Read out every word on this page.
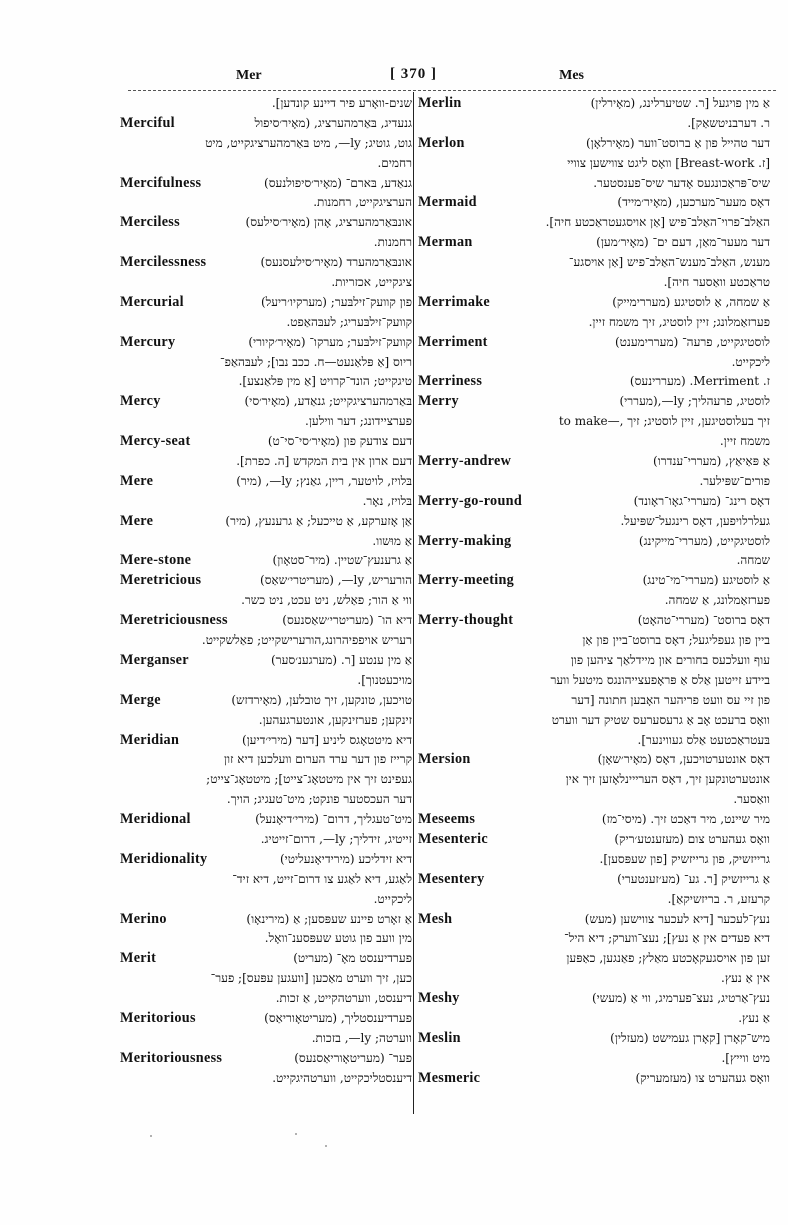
Mer	[ 370 ]	Mes
שנים-וואָרע פיר דיינע קונדען].
Merciful	גנעדיג, בּאַרמהערציג, (מאָיר׳סיפול
גוט, גוטיג; ly—, מיט בּאַרמהערציגקייט, מיט
רחמים.
Mercifulness	גנאַדע, בּארם־ (מאָיר׳סיפולנעס)
הערציגקייט, רחמנות.
Merciless	אונבּאַרמהערציג, אָהן (מאָיר׳סילעס)
רחמנות.
Mercilessness	אונבּאַרמהערד (מאָיר׳סילעסנעס)
ציגקייט, אכזריות.
Mercurial	פון קוועק־זילבּער; (מערקיו׳ריעל)
קוועק־זילבּעריג; לעבּהאַפט.
Mercury	קוועק־זילבּער; מערקו־ (מאָיר׳קיורי)
ריוס [אַ פּלאַנעט—ח. ככב נבו]; לעבּהאַפ־
טיגקייט; הונד־קרויט [אַ מין פּלאַנצע].
Mercy	בּאַרמהערציגקייט; גנאַדע, (מאָיר׳סי)
פערציידונג; דער ווילען.
Mercy-seat	דעם צודעק פון (מאָיר׳סי־סי־ט)
דעם ארון אין בית המקדש [ה. כפרת].
Mere	בּלויז, לויטער, ריין, גאַנץ; ly—, (מיר)
בּלויז, נאָר.
Mere	אַן אָזערקע, אַ טייכעל; אַ גרענעץ, (מיר)
אַ מוּשוו.
Mere-stone	אַ גרענעץ־שטיין. (מיר־סטאָון)
Meretricious	הורעריש, ly—, (מעריטרי׳שאַס)
ווי אַ הור; פאַלש, ניט עכט, ניט כשר.
Meretriciousness	דיא הו־ (מעריטרי׳שאַסנעס)
רעריש אויפפיהרונג,הורערישקייט; פאַלשקייט.
Merganser	אַ מין ענטע [ר. (מערגענ׳סער)
מויכעטנוך].
Merge	טויכען, טונקען, זיך טובלען, (מאָירדזש)
זינקען; פערזינקען, אונטערגעהען.
Meridian	דיא מיטטאָגס ליניע [דער (מירי׳דיען)
קרייז פון דער ערד הערום וועלכען דיא זון
געפינט זיך אין מיטטאָג־צייט]; מיטטאָג־צייט;
דער העכסטער פונקט; מיט־טעגיג; הויך.
Meridional	מיט־טעגליך, דרום־ (מירי׳דיאָנעל)
זייטיג, זידליך; ly—, דרום־זייטיג.
Meridionality	דיא זידליכע (מירידיאָנעליטי)
לאַגע, דיא לאַגע צו דרום־זייט, דיא זיד־
ליכקייט.
Merino	אַ זאָרט פיינע שעפּסען; אַ (מירינאָו)
מין וועב פון גוטע שעפּסענ־וואָל.
Merit	פערדיענסט מאָ־ (מעריט)
כען, זיך ווערט מאַכען [וועגען עפּעס]; פער־
דיענסט, ווערטהקייט, אַ זכות.
Meritorious	פערדיענסטליך, (מעריטאָוריאַס)
ווערטה; ly—, בזכות.
Meritoriousness	פער־ (מעריטאָוריאַסנעס)
דיענסטליכקייט, ווערטהיגקייט.
Merlin	אַ מין פויגעל [ר. שטיערלינג, (מאָירלין)
ר. דערבניטשאַק].
Merlon	דער טהייל פון אַ ברוסט־ווער (מאָירלאָן)
[ז. Breast-work] וואָס ליגט צווישען צוויי
שיס־פּראַכונגעס אָדער שיס־פענסטער.
Mermaid	דאָס מעער־מערכען, (מאָיר׳מייד)
האַלב־פרוי־האַלב־פיש [אַן אויסגעטראַכטע חיה].
Merman	דער מעער־מאַן, דעם ים־ (מאָיר׳מען)
מענש, האַלב־מענש־האַלב־פיש [אַן אויסגע־
טראַכטע וואַסער חיה].
Merrimake	אַ שמחה, אַ לוסטיגע (מעררימייק)
פערזאַמלונג; זיין לוסטיג, זיך משמח זיין.
Merriment	לוסטיגקייט, פרעה־ (מעררימענט)
ליכקייט.
Merriness	ז. Merriment. (מעררינעס)
Merry	לוסטיג, פרעהליך; ly—,(מעררי)
to make—, זיך בעלוסטיגען, זיין לוסטיג; זיך
משמח זיין.
Merry-andrew	אַ פּאַיאַץ, (מעררי־ענדרו)
פורים־שפּילער.
Merry-go-round	דאָס רינג־ (מעררי־גאָו־ראָונד)
געלרלויפען, דאָס רינגעל־שפּיעל.
Merry-making	לוסטיגקייט, (מעררי־מייקינג)
שמחה.
Merry-meeting	אַ לוסטיגע (מעררי־מי־טינג)
פערזאַמלונג, אַ שמחה.
Merry-thought	דאָס ברוסט־ (מעררי־טהאָט)
ביין פון געפליגעל; דאָס ברוסט־ביין פון אַן
עוף וועלכעס בחורים און מיידלאַך ציהען פון
ביידע זייטען אַלס אַ פּראָפעצייהונגס מיטעל ווער
פון זיי עס וועט פריהער האָבען חתונה [דער
וואָס ברעכט אָב אַ גרעסערעס שטיק דער ווערט
בּעטראַכטעט אַלס געווינער].
Mersion	דאָס אונטערטויכען, דאָס (מאָיר׳שאָן)
אונטערטונקען זיך, דאָס הערייינלאָזען זיך אין
וואַסער.
Meseems	מיר שיינט, מיר דאַכט זיך. (מיסי־מז)
Mesenteric	וואָס געהערט צום (מעזענטע׳ריק)
גרייזשיק, פון גרייזשיק [פון שעפּסען].
Mesentery	אַ גרייזשיק [ר. גע־ (מע׳זענטערי)
קרעזע, ר. בריזשיקאַ].
Mesh	נעץ־לעכער [דיא לעכער צווישען (מעש)
דיא פעדים אין אַ נעץ]; נעצ־ווערק; דיא היל־
זען פון אויסגעקאָכטע מאַלץ; פאַנגען, כאַפּען
אין אַ נעץ.
Meshy	נעץ־אַרטיג, נעצ־פערמיג, ווי אַ (מעשי)
אַ נעץ.
Meslin	מיש־קאָרן [קאָרן געמישט (מעזלין)
מיט ווייץ].
Mesmeric	וואָס געהערט צו (מעזמעריק)
